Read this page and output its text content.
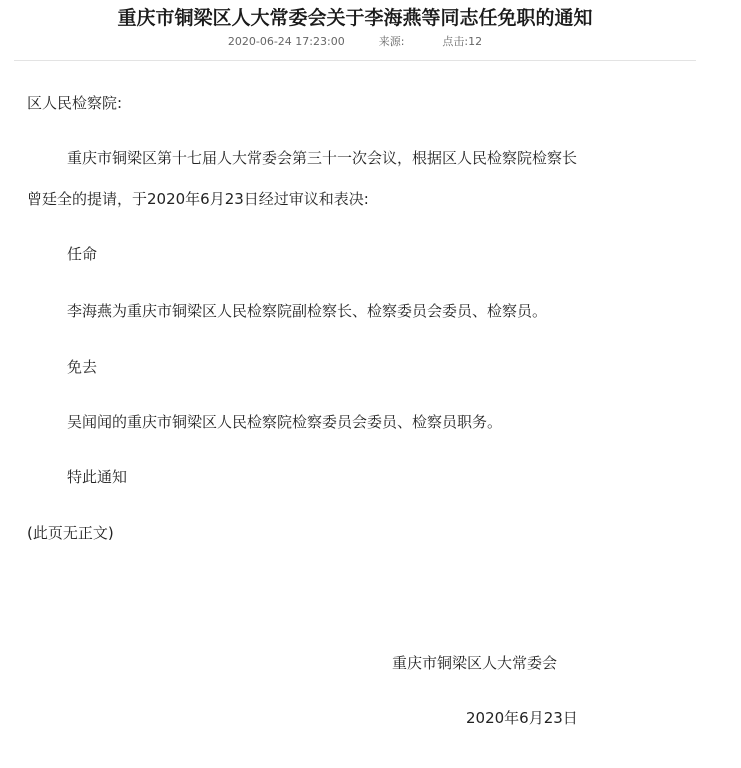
重庆市铜梁区人大常委会关于李海燕等同志任免职的通知
2020-06-24 17:23:00	来源:	点击:12
区人民检察院:
重庆市铜梁区第十七届人大常委会第三十一次会议，根据区人民检察院检察长
曾廷全的提请，于2020年6月23日经过审议和表决:
任命
李海燕为重庆市铜梁区人民检察院副检察长、检察委员会委员、检察员。
免去
吴闻闻的重庆市铜梁区人民检察院检察委员会委员、检察员职务。
特此通知
(此页无正文)
重庆市铜梁区人大常委会
2020年6月23日
